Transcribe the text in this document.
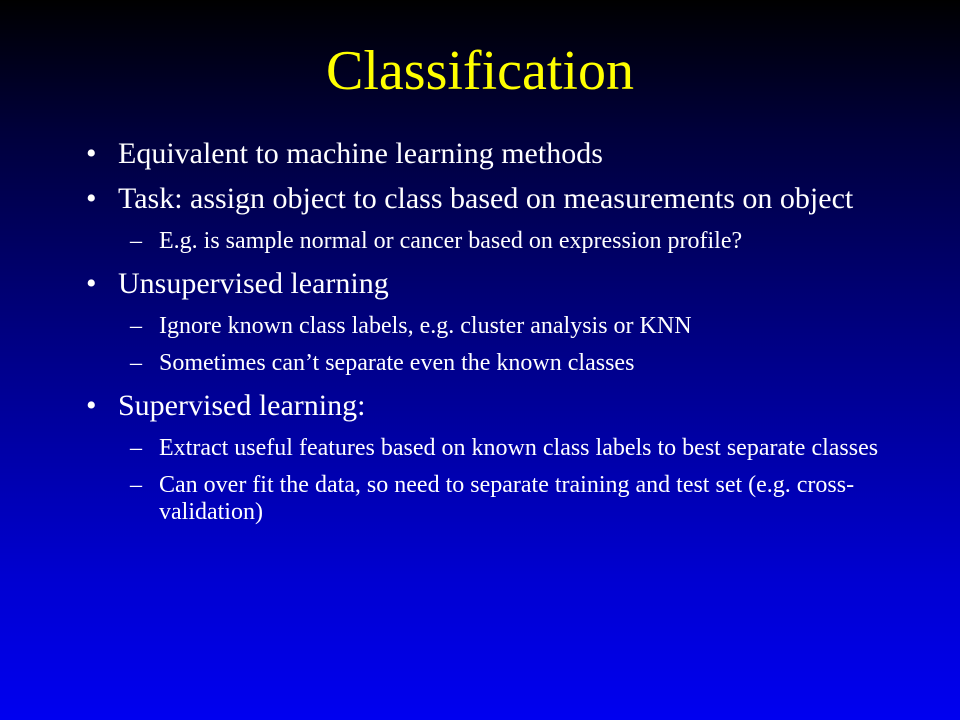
Classification
• Equivalent to machine learning methods
• Task: assign object to class based on measurements on object
– E.g. is sample normal or cancer based on expression profile?
• Unsupervised learning
– Ignore known class labels, e.g. cluster analysis or KNN
– Sometimes can’t separate even the known classes
• Supervised learning:
– Extract useful features based on known class labels to best separate classes
– Can over fit the data, so need to separate training and test set (e.g. cross-validation)
